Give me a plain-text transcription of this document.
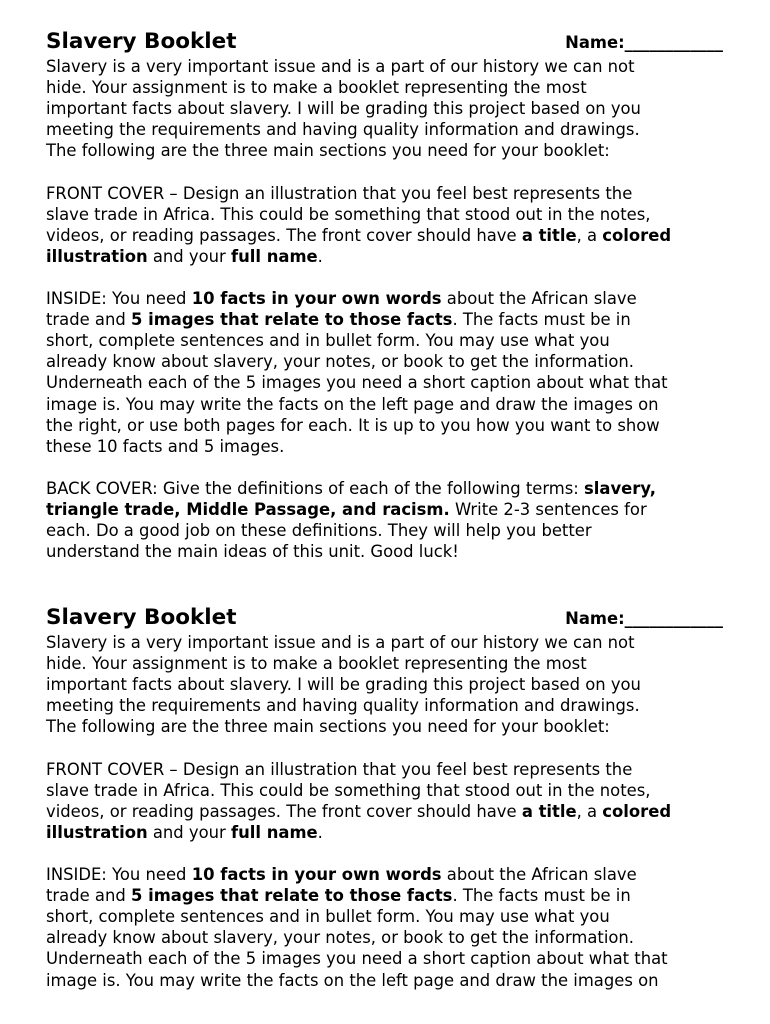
Slavery Booklet	Name:____________

Slavery is a very important issue and is a part of our history we can not
hide. Your assignment is to make a booklet representing the most
important facts about slavery. I will be grading this project based on you
meeting the requirements and having quality information and drawings.
The following are the three main sections you need for your booklet:

FRONT COVER – Design an illustration that you feel best represents the
slave trade in Africa. This could be something that stood out in the notes,
videos, or reading passages. The front cover should have a title, a colored
illustration and your full name.

INSIDE: You need 10 facts in your own words about the African slave
trade and 5 images that relate to those facts. The facts must be in
short, complete sentences and in bullet form. You may use what you
already know about slavery, your notes, or book to get the information.
Underneath each of the 5 images you need a short caption about what that
image is. You may write the facts on the left page and draw the images on
the right, or use both pages for each. It is up to you how you want to show
these 10 facts and 5 images.

BACK COVER: Give the definitions of each of the following terms: slavery,
triangle trade, Middle Passage, and racism. Write 2-3 sentences for
each. Do a good job on these definitions. They will help you better
understand the main ideas of this unit. Good luck!

Slavery Booklet	Name:____________

Slavery is a very important issue and is a part of our history we can not
hide. Your assignment is to make a booklet representing the most
important facts about slavery. I will be grading this project based on you
meeting the requirements and having quality information and drawings.
The following are the three main sections you need for your booklet:

FRONT COVER – Design an illustration that you feel best represents the
slave trade in Africa. This could be something that stood out in the notes,
videos, or reading passages. The front cover should have a title, a colored
illustration and your full name.

INSIDE: You need 10 facts in your own words about the African slave
trade and 5 images that relate to those facts. The facts must be in
short, complete sentences and in bullet form. You may use what you
already know about slavery, your notes, or book to get the information.
Underneath each of the 5 images you need a short caption about what that
image is. You may write the facts on the left page and draw the images on
